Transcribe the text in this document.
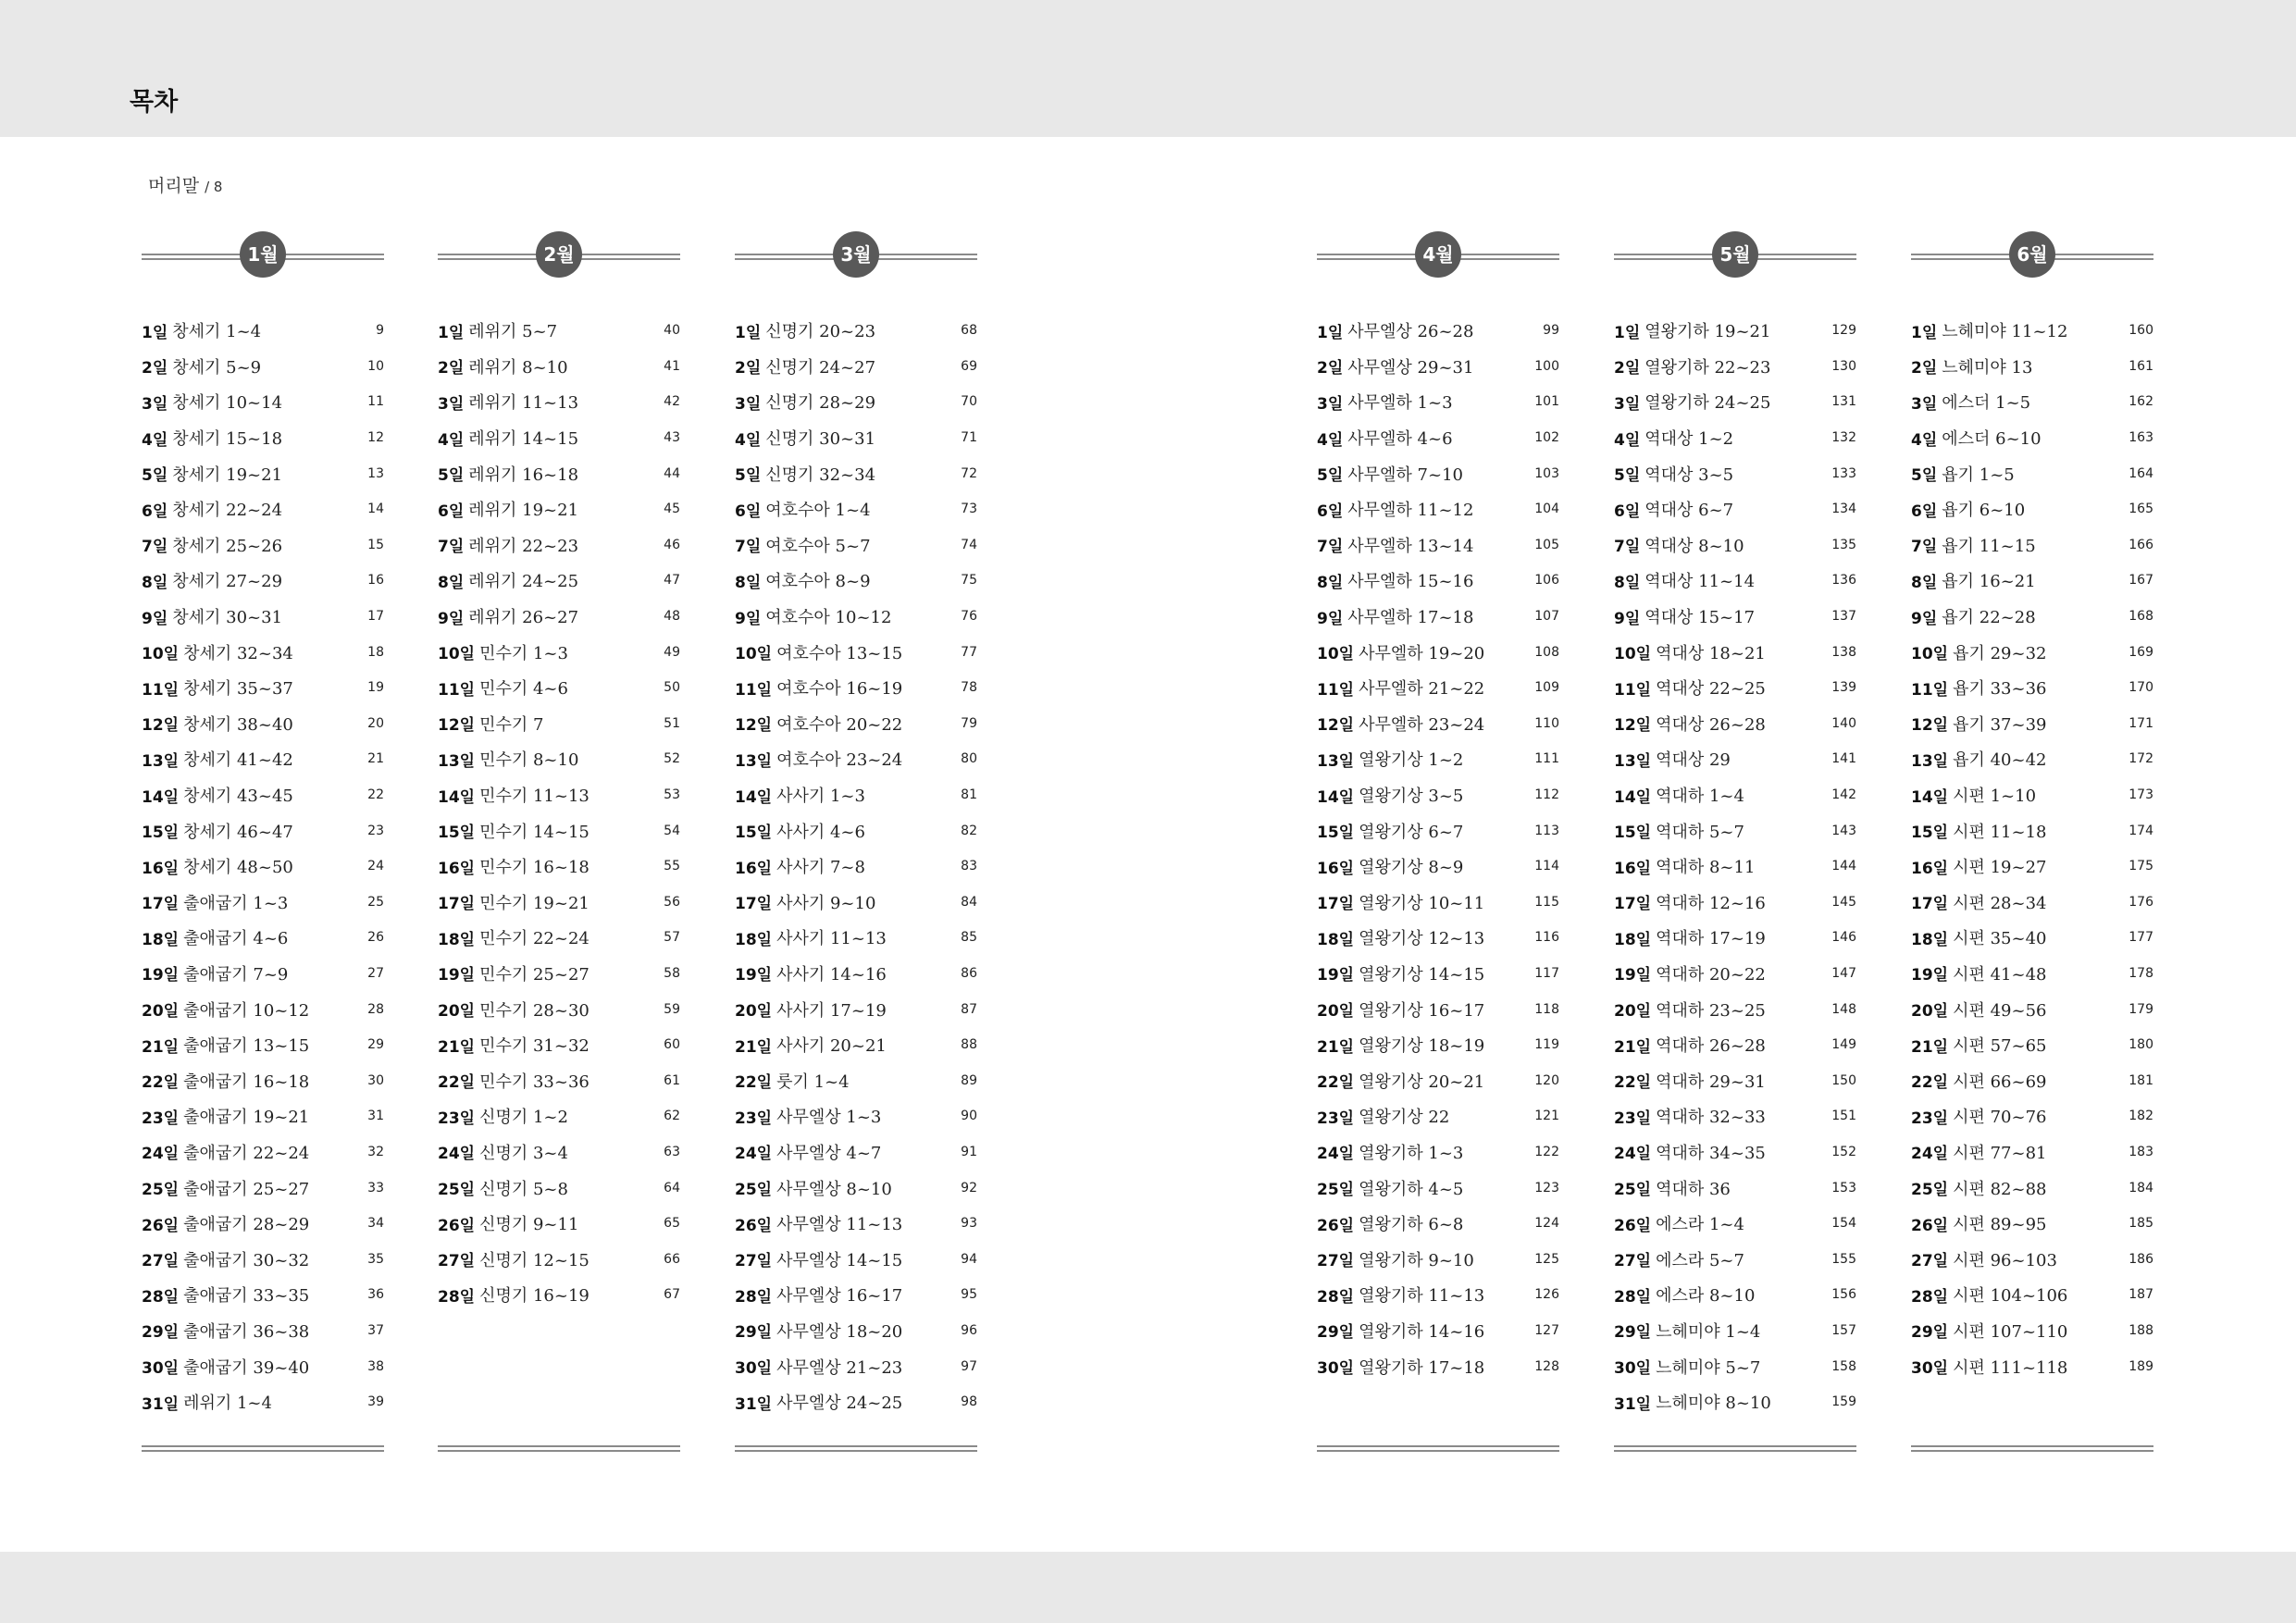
목차
머리말 / 8
1월
1일 창세기 1~4	9
2일 창세기 5~9	10
3일 창세기 10~14	11
4일 창세기 15~18	12
5일 창세기 19~21	13
6일 창세기 22~24	14
7일 창세기 25~26	15
8일 창세기 27~29	16
9일 창세기 30~31	17
10일 창세기 32~34	18
11일 창세기 35~37	19
12일 창세기 38~40	20
13일 창세기 41~42	21
14일 창세기 43~45	22
15일 창세기 46~47	23
16일 창세기 48~50	24
17일 출애굽기 1~3	25
18일 출애굽기 4~6	26
19일 출애굽기 7~9	27
20일 출애굽기 10~12	28
21일 출애굽기 13~15	29
22일 출애굽기 16~18	30
23일 출애굽기 19~21	31
24일 출애굽기 22~24	32
25일 출애굽기 25~27	33
26일 출애굽기 28~29	34
27일 출애굽기 30~32	35
28일 출애굽기 33~35	36
29일 출애굽기 36~38	37
30일 출애굽기 39~40	38
31일 레위기 1~4	39
2월
1일 레위기 5~7	40
2일 레위기 8~10	41
3일 레위기 11~13	42
4일 레위기 14~15	43
5일 레위기 16~18	44
6일 레위기 19~21	45
7일 레위기 22~23	46
8일 레위기 24~25	47
9일 레위기 26~27	48
10일 민수기 1~3	49
11일 민수기 4~6	50
12일 민수기 7	51
13일 민수기 8~10	52
14일 민수기 11~13	53
15일 민수기 14~15	54
16일 민수기 16~18	55
17일 민수기 19~21	56
18일 민수기 22~24	57
19일 민수기 25~27	58
20일 민수기 28~30	59
21일 민수기 31~32	60
22일 민수기 33~36	61
23일 신명기 1~2	62
24일 신명기 3~4	63
25일 신명기 5~8	64
26일 신명기 9~11	65
27일 신명기 12~15	66
28일 신명기 16~19	67
3월
1일 신명기 20~23	68
2일 신명기 24~27	69
3일 신명기 28~29	70
4일 신명기 30~31	71
5일 신명기 32~34	72
6일 여호수아 1~4	73
7일 여호수아 5~7	74
8일 여호수아 8~9	75
9일 여호수아 10~12	76
10일 여호수아 13~15	77
11일 여호수아 16~19	78
12일 여호수아 20~22	79
13일 여호수아 23~24	80
14일 사사기 1~3	81
15일 사사기 4~6	82
16일 사사기 7~8	83
17일 사사기 9~10	84
18일 사사기 11~13	85
19일 사사기 14~16	86
20일 사사기 17~19	87
21일 사사기 20~21	88
22일 룻기 1~4	89
23일 사무엘상 1~3	90
24일 사무엘상 4~7	91
25일 사무엘상 8~10	92
26일 사무엘상 11~13	93
27일 사무엘상 14~15	94
28일 사무엘상 16~17	95
29일 사무엘상 18~20	96
30일 사무엘상 21~23	97
31일 사무엘상 24~25	98
4월
1일 사무엘상 26~28	99
2일 사무엘상 29~31	100
3일 사무엘하 1~3	101
4일 사무엘하 4~6	102
5일 사무엘하 7~10	103
6일 사무엘하 11~12	104
7일 사무엘하 13~14	105
8일 사무엘하 15~16	106
9일 사무엘하 17~18	107
10일 사무엘하 19~20	108
11일 사무엘하 21~22	109
12일 사무엘하 23~24	110
13일 열왕기상 1~2	111
14일 열왕기상 3~5	112
15일 열왕기상 6~7	113
16일 열왕기상 8~9	114
17일 열왕기상 10~11	115
18일 열왕기상 12~13	116
19일 열왕기상 14~15	117
20일 열왕기상 16~17	118
21일 열왕기상 18~19	119
22일 열왕기상 20~21	120
23일 열왕기상 22	121
24일 열왕기하 1~3	122
25일 열왕기하 4~5	123
26일 열왕기하 6~8	124
27일 열왕기하 9~10	125
28일 열왕기하 11~13	126
29일 열왕기하 14~16	127
30일 열왕기하 17~18	128
5월
1일 열왕기하 19~21	129
2일 열왕기하 22~23	130
3일 열왕기하 24~25	131
4일 역대상 1~2	132
5일 역대상 3~5	133
6일 역대상 6~7	134
7일 역대상 8~10	135
8일 역대상 11~14	136
9일 역대상 15~17	137
10일 역대상 18~21	138
11일 역대상 22~25	139
12일 역대상 26~28	140
13일 역대상 29	141
14일 역대하 1~4	142
15일 역대하 5~7	143
16일 역대하 8~11	144
17일 역대하 12~16	145
18일 역대하 17~19	146
19일 역대하 20~22	147
20일 역대하 23~25	148
21일 역대하 26~28	149
22일 역대하 29~31	150
23일 역대하 32~33	151
24일 역대하 34~35	152
25일 역대하 36	153
26일 에스라 1~4	154
27일 에스라 5~7	155
28일 에스라 8~10	156
29일 느헤미야 1~4	157
30일 느헤미야 5~7	158
31일 느헤미야 8~10	159
6월
1일 느헤미야 11~12	160
2일 느헤미야 13	161
3일 에스더 1~5	162
4일 에스더 6~10	163
5일 욥기 1~5	164
6일 욥기 6~10	165
7일 욥기 11~15	166
8일 욥기 16~21	167
9일 욥기 22~28	168
10일 욥기 29~32	169
11일 욥기 33~36	170
12일 욥기 37~39	171
13일 욥기 40~42	172
14일 시편 1~10	173
15일 시편 11~18	174
16일 시편 19~27	175
17일 시편 28~34	176
18일 시편 35~40	177
19일 시편 41~48	178
20일 시편 49~56	179
21일 시편 57~65	180
22일 시편 66~69	181
23일 시편 70~76	182
24일 시편 77~81	183
25일 시편 82~88	184
26일 시편 89~95	185
27일 시편 96~103	186
28일 시편 104~106	187
29일 시편 107~110	188
30일 시편 111~118	189
